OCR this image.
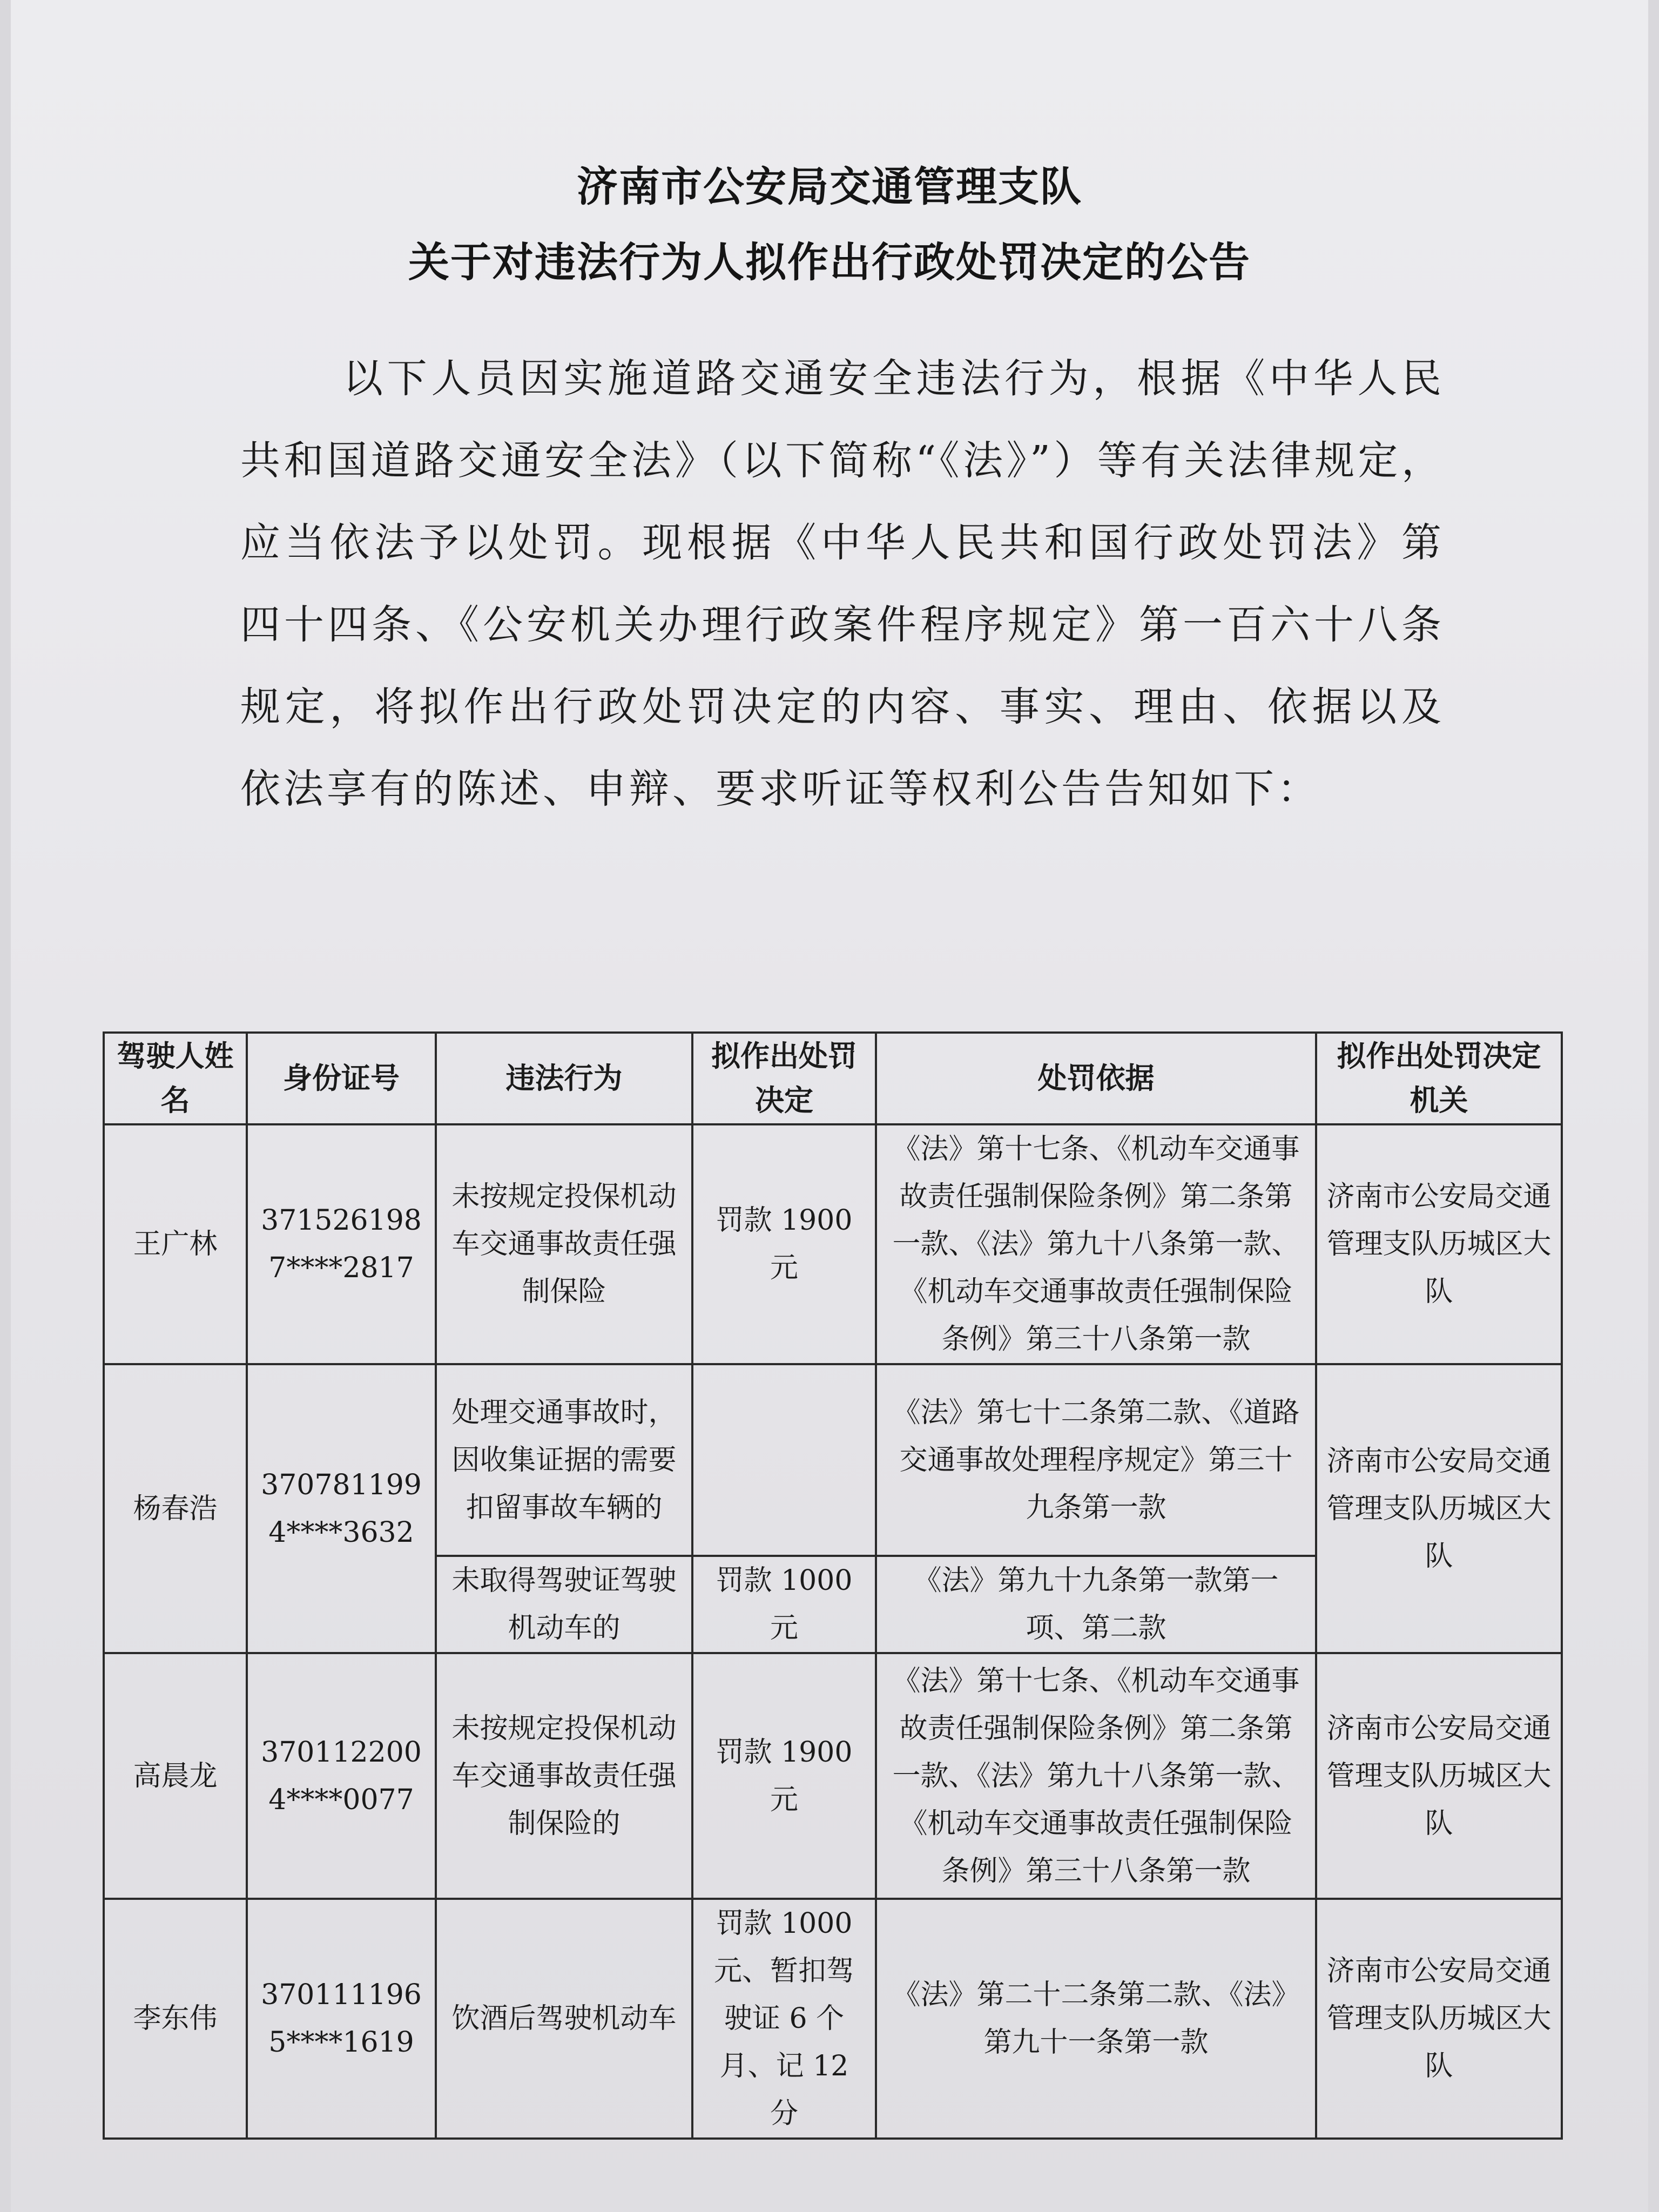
济南市公安局交通管理支队
关于对违法行为人拟作出行政处罚决定的公告
以下人员因实施道路交通安全违法行为，根据《中华人民共和国道路交通安全法》（以下简称“《法》”）等有关法律规定，应当依法予以处罚。现根据《中华人民共和国行政处罚法》第四十四条、《公安机关办理行政案件程序规定》第一百六十八条规定，将拟作出行政处罚决定的内容、事实、理由、依据以及依法享有的陈述、申辩、要求听证等权利公告告知如下：
驾驶人姓名	身份证号	违法行为	拟作出处罚决定	处罚依据	拟作出处罚决定机关
王广林	3715261987****2817	未按规定投保机动车交通事故责任强制保险	罚款 1900 元	《法》第十七条、《机动车交通事故责任强制保险条例》第二条第一款、《法》第九十八条第一款、《机动车交通事故责任强制保险条例》第三十八条第一款	济南市公安局交通管理支队历城区大队
杨春浩	3707811994****3632	处理交通事故时，因收集证据的需要扣留事故车辆的		《法》第七十二条第二款、《道路交通事故处理程序规定》第三十九条第一款	济南市公安局交通管理支队历城区大队
		未取得驾驶证驾驶机动车的	罚款 1000 元	《法》第九十九条第一款第一项、第二款	
高晨龙	3701122004****0077	未按规定投保机动车交通事故责任强制保险的	罚款 1900 元	《法》第十七条、《机动车交通事故责任强制保险条例》第二条第一款、《法》第九十八条第一款、《机动车交通事故责任强制保险条例》第三十八条第一款	济南市公安局交通管理支队历城区大队
李东伟	3701111965****1619	饮酒后驾驶机动车	罚款 1000 元、暂扣驾驶证 6 个月、记 12 分	《法》第二十二条第二款、《法》第九十一条第一款	济南市公安局交通管理支队历城区大队
